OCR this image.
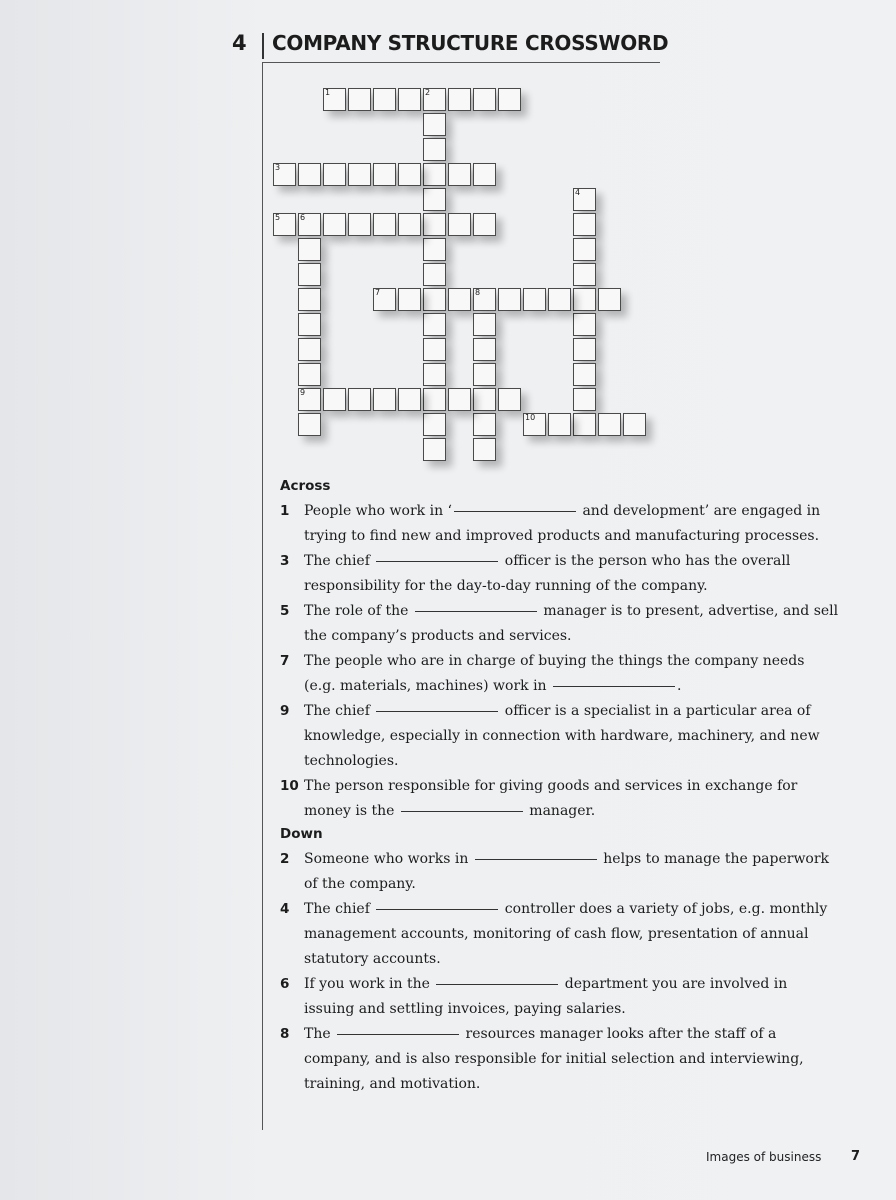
4 COMPANY STRUCTURE CROSSWORD
1	2
3
4
5 6
9
7	8
10
Across
1 People who work in ‘	and development’ are engaged in trying to find new and improved products and manufacturing processes.
3 The chief	officer is the person who has the overall responsibility for the day-to-day running of the company.
5 The role of the	manager is to present, advertise, and sell the company’s products and services.
7 The people who are in charge of buying the things the company needs (e.g. materials, machines) work in	.
9 The chief	officer is a specialist in a particular area of knowledge, especially in connection with hardware, machinery, and new technologies.
10 The person responsible for giving goods and services in exchange for money is the	manager.
Down
2 Someone who works in	helps to manage the paperwork of the company.
4 The chief	controller does a variety of jobs, e.g. monthly management accounts, monitoring of cash flow, presentation of annual statutory accounts.
6 If you work in the	department you are involved in issuing and settling invoices, paying salaries.
8 The	resources manager looks after the staff of a company, and is also responsible for initial selection and interviewing, training, and motivation.
Images of business 7
